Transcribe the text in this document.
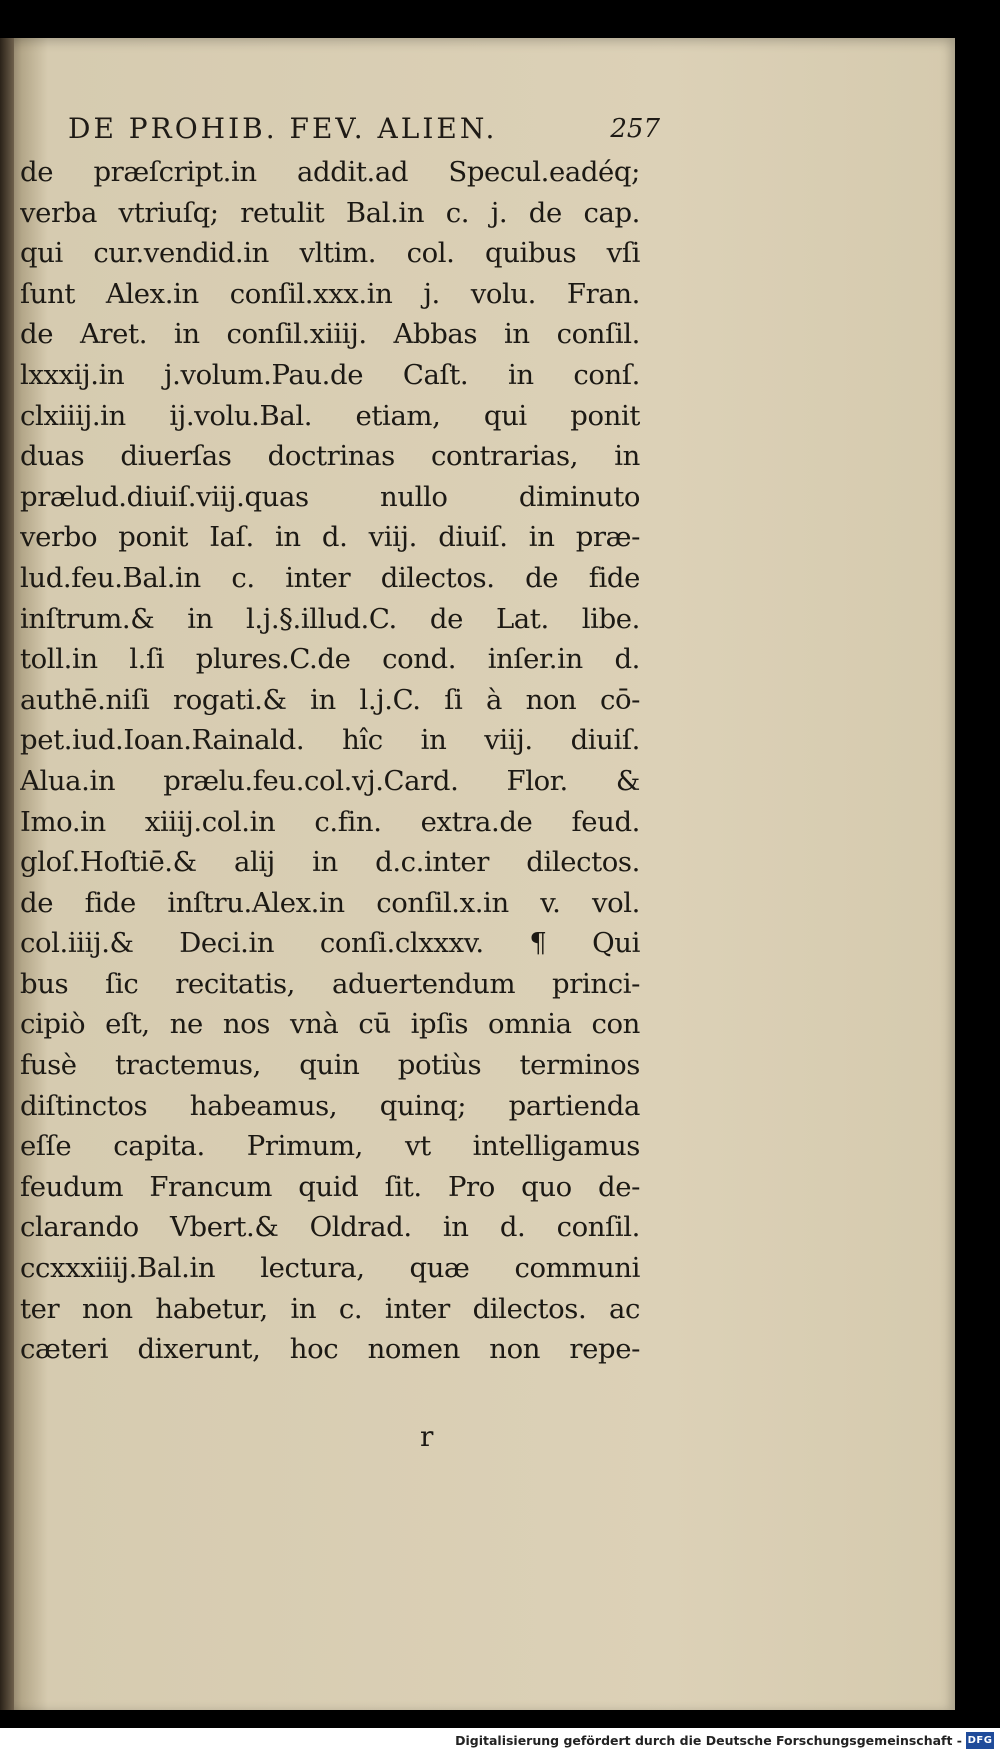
DE PROHIB. FEV. ALIEN.	257
de præſcript.in addit.ad Specul.eadéq;
verba vtriuſq; retulit Bal.in c. j. de cap.
qui cur.vendid.in vltim. col. quibus vſi
ſunt Alex.in conſil.xxx.in j. volu. Fran.
de Aret. in conſil.xiiij. Abbas in conſil.
lxxxij.in j.volum.Pau.de Caſt. in conſ.
clxiiij.in ij.volu.Bal. etiam, qui ponit
duas diuerſas doctrinas contrarias, in
prælud.diuiſ.viij.quas nullo diminuto
verbo ponit Iaſ. in d. viij. diuiſ. in præ-
lud.feu.Bal.in c. inter dilectos. de fide
inſtrum.& in l.j.§.illud.C. de Lat. libe.
toll.in l.ſi plures.C.de cond. inſer.in d.
authē.niſi rogati.& in l.j.C. ſi à non cō-
pet.iud.Ioan.Rainald. hîc in viij. diuiſ.
Alua.in prælu.feu.col.vj.Card. Flor. &
Imo.in xiiij.col.in c.fin. extra.de feud.
gloſ.Hoſtiē.& alij in d.c.inter dilectos.
de fide inſtru.Alex.in conſil.x.in v. vol.
col.iiij.& Deci.in conſi.clxxxv. ¶ Qui
bus ſic recitatis, aduertendum princi-
cipiò eſt, ne nos vnà cū ipſis omnia con
fusè tractemus, quin potiùs terminos
diſtinctos habeamus, quinq; partienda
eſſe capita. Primum, vt intelligamus
feudum Francum quid ſit. Pro quo de-
clarando Vbert.& Oldrad. in d. conſil.
ccxxxiiij.Bal.in lectura, quæ communi
ter non habetur, in c. inter dilectos. ac
cæteri dixerunt, hoc nomen non repe-
r
Digitalisierung gefördert durch die Deutsche Forschungsgemeinschaft - DFG
